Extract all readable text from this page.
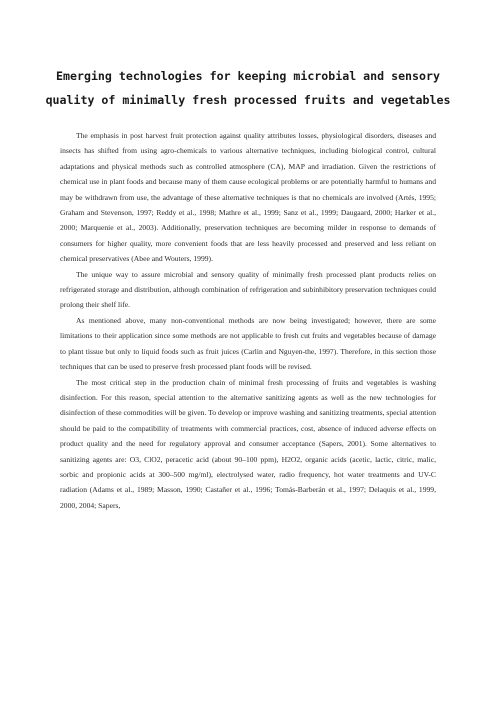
Emerging technologies for keeping microbial and sensory quality of minimally fresh processed fruits and vegetables

The emphasis in post harvest fruit protection against quality attributes losses, physiological disorders, diseases and insects has shifted from using agro-chemicals to various alternative techniques, including biological control, cultural adaptations and physical methods such as controlled atmosphere (CA), MAP and irradiation. Given the restrictions of chemical use in plant foods and because many of them cause ecological problems or are potentially harmful to humans and may be withdrawn from use, the advantage of these alternative techniques is that no chemicals are involved (Artés, 1995; Graham and Stevenson, 1997; Reddy et al., 1998; Mathre et al., 1999; Sanz et al., 1999; Daugaard, 2000; Harker et al., 2000; Marquenie et al., 2003). Additionally, preservation techniques are becoming milder in response to demands of consumers for higher quality, more convenient foods that are less heavily processed and preserved and less reliant on chemical preservatives (Abee and Wouters, 1999).

The unique way to assure microbial and sensory quality of minimally fresh processed plant products relies on refrigerated storage and distribution, although combination of refrigeration and subinhibitory preservation techniques could prolong their shelf life.

As mentioned above, many non-conventional methods are now being investigated; however, there are some limitations to their application since some methods are not applicable to fresh cut fruits and vegetables because of damage to plant tissue but only to liquid foods such as fruit juices (Carlin and Nguyen-the, 1997). Therefore, in this section those techniques that can be used to preserve fresh processed plant foods will be revised.

The most critical step in the production chain of minimal fresh processing of fruits and vegetables is washing disinfection. For this reason, special attention to the alternative sanitizing agents as well as the new technologies for disinfection of these commodities will be given. To develop or improve washing and sanitizing treatments, special attention should be paid to the compatibility of treatments with commercial practices, cost, absence of induced adverse effects on product quality and the need for regulatory approval and consumer acceptance (Sapers, 2001). Some alternatives to sanitizing agents are: O3, ClO2, peracetic acid (about 90–100 ppm), H2O2, organic acids (acetic, lactic, citric, malic, sorbic and propionic acids at 300–500 mg/ml), electrolysed water, radio frequency, hot water treatments and UV-C radiation (Adams et al., 1989; Masson, 1990; Castañer et al., 1996; Tomás-Barberán et al., 1997; Delaquis et al., 1999, 2000, 2004; Sapers,
